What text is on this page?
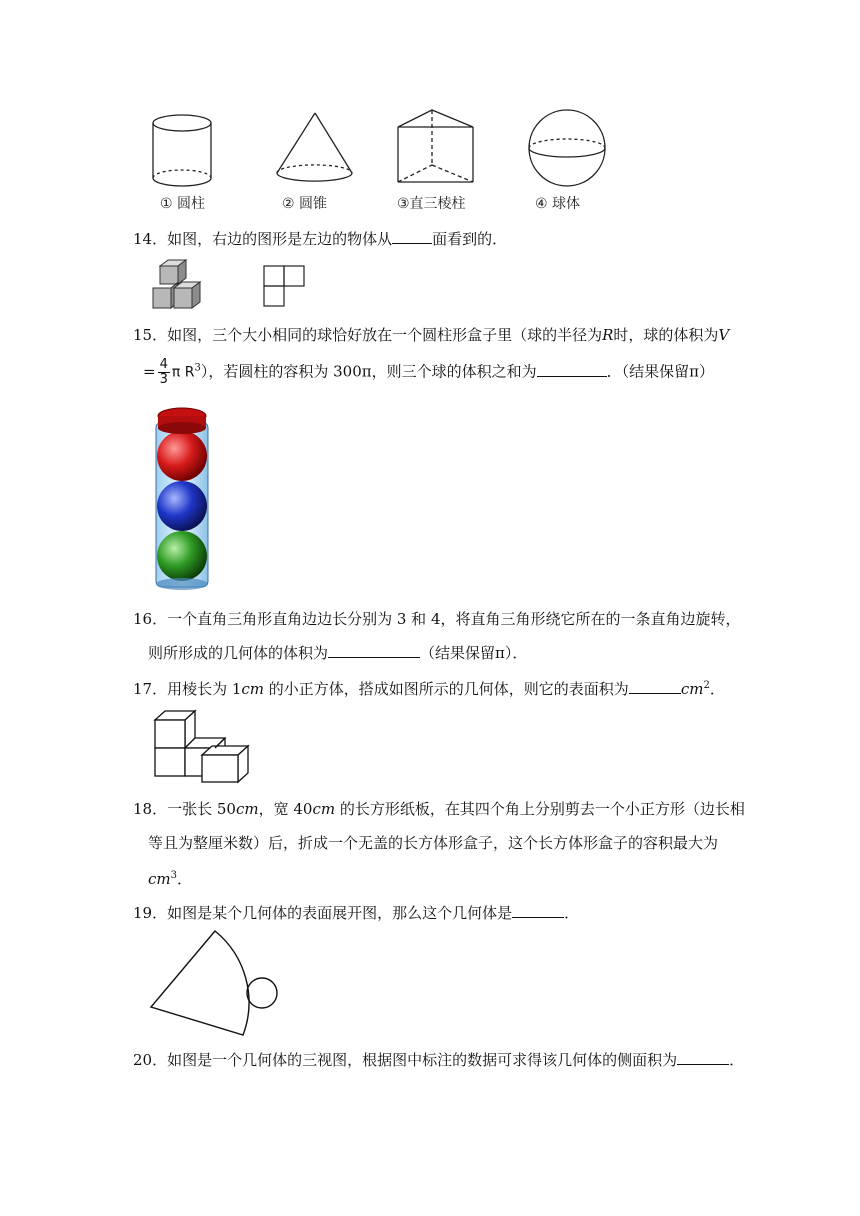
① 圆柱	② 圆锥	③直三棱柱	④ 球体
14．如图，右边的图形是左边的物体从	面看到的．
15．如图，三个大小相同的球恰好放在一个圆柱形盒子里（球的半径为R时，球的体积为V
= $\frac{4}{3}$ π $R^3$），若圆柱的容积为 300π，则三个球的体积之和为	．（结果保留π）
16．一个直角三角形直角边边长分别为 3 和 4，将直角三角形绕它所在的一条直角边旋转，
则所形成的几何体的体积为	（结果保留π）．
17．用棱长为 1cm 的小正方体，搭成如图所示的几何体，则它的表面积为	$cm^2$．
18．一张长 50cm，宽 40cm 的长方形纸板，在其四个角上分别剪去一个小正方形（边长相
等且为整厘米数）后，折成一个无盖的长方体形盒子，这个长方体形盒子的容积最大为
$cm^3$．
19．如图是某个几何体的表面展开图，那么这个几何体是	．
20．如图是一个几何体的三视图，根据图中标注的数据可求得该几何体的侧面积为	．
